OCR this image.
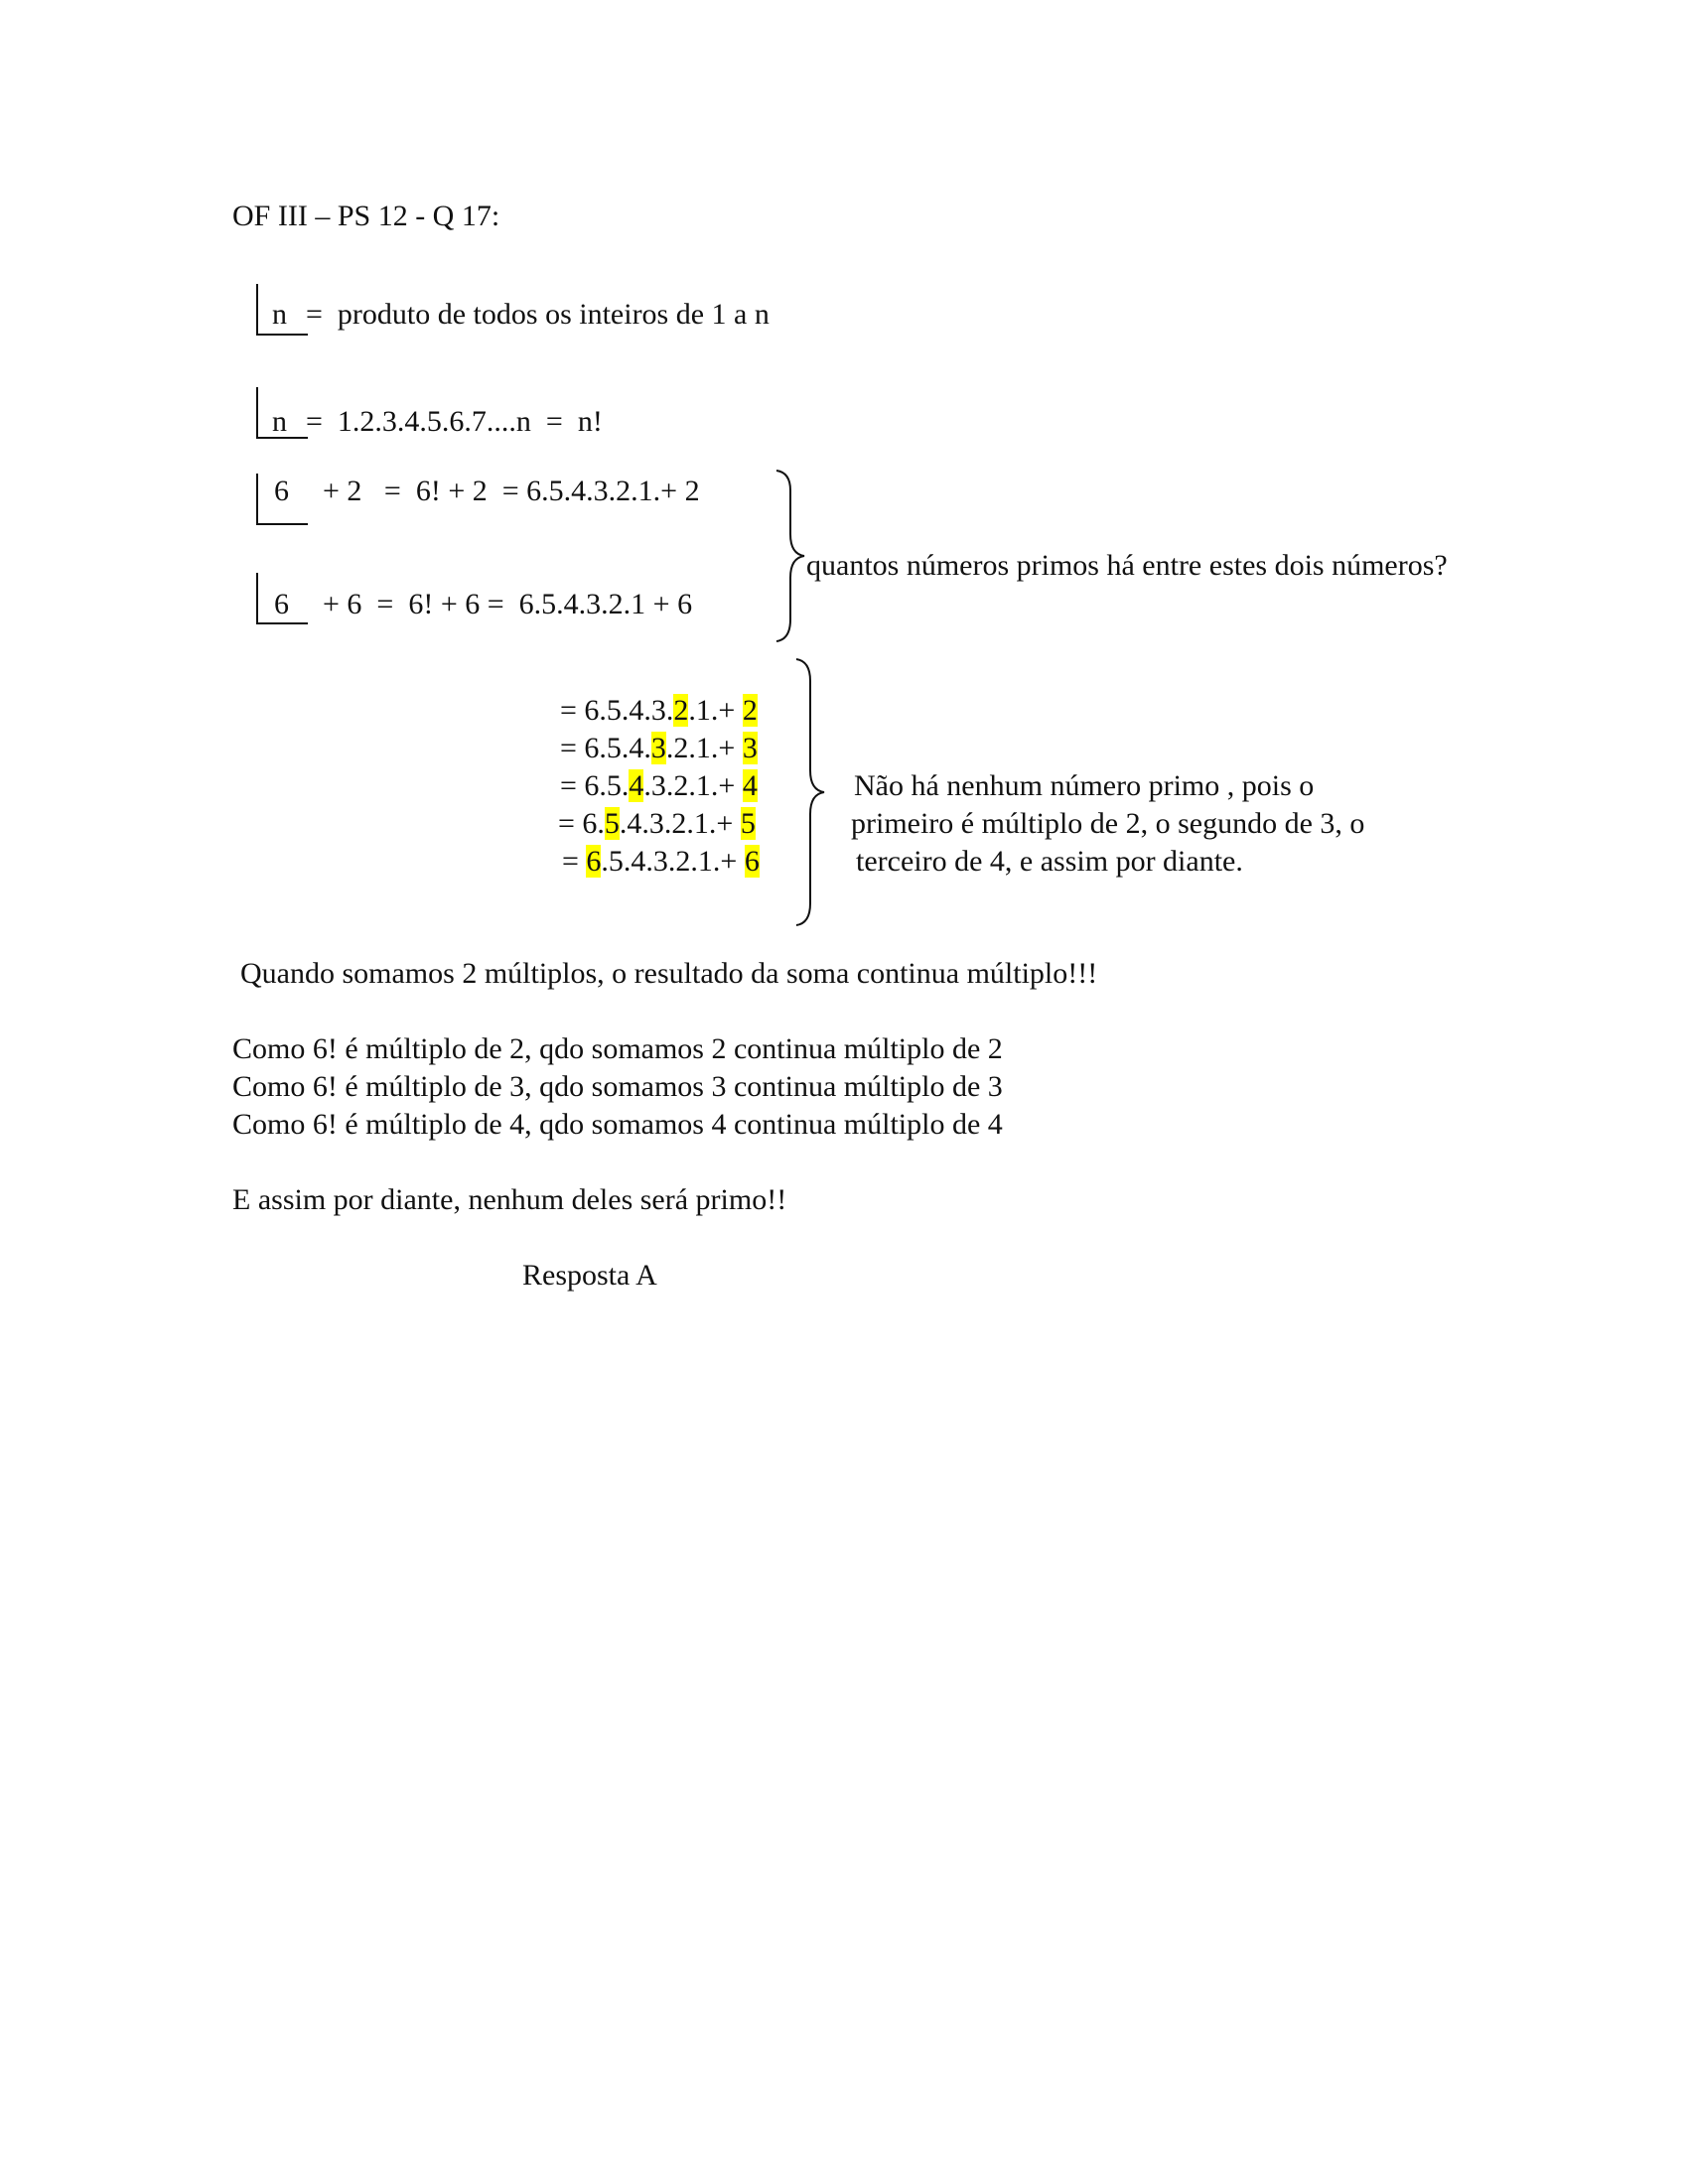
OF III – PS 12 - Q 17:
n =  produto de todos os inteiros de 1 a n
n =  1.2.3.4.5.6.7....n  =  n!
6 + 2   =  6! + 2  = 6.5.4.3.2.1.+ 2
6 + 6  =  6! + 6 =  6.5.4.3.2.1 + 6
quantos números primos há entre estes dois números?
= 6.5.4.3.2.1.+ 2
= 6.5.4.3.2.1.+ 3
= 6.5.4.3.2.1.+ 4
= 6.5.4.3.2.1.+ 5
= 6.5.4.3.2.1.+ 6
Não há nenhum número primo , pois o
primeiro é múltiplo de 2, o segundo de 3, o
terceiro de 4, e assim por diante.
Quando somamos 2 múltiplos, o resultado da soma continua múltiplo!!!
Como 6! é múltiplo de 2, qdo somamos 2 continua múltiplo de 2
Como 6! é múltiplo de 3, qdo somamos 3 continua múltiplo de 3
Como 6! é múltiplo de 4, qdo somamos 4 continua múltiplo de 4
E assim por diante, nenhum deles será primo!!
Resposta A
